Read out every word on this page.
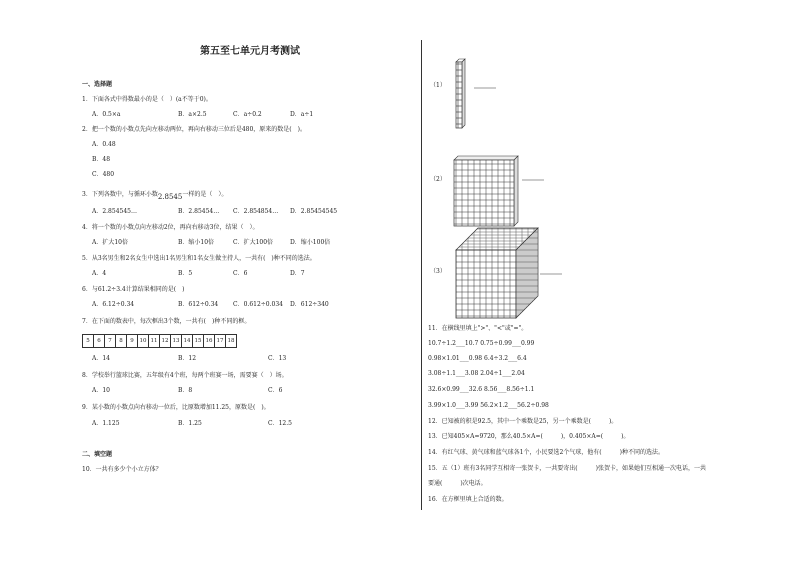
第五至七单元月考测试
一、选择题
1．下面各式中得数最小的是（　）(a不等于0)。
A．0.5×a	B．a×2.5	C．a÷0.2	D．a÷1
2．把一个数的小数点先向左移动两位，再向右移动三位后是480，原来的数是(　)。
A．0.48
B．48
C．480
3．下列各数中，与循环小数2.8545一样的是（　）。
A．2.854545…	B．2.85454… C．2.854854… D．2.85454545
4．将一个数的小数点向左移动2位，再向右移动3位，结果（　）。
A．扩大10倍	B．缩小10倍	C．扩大100倍	D．缩小100倍
5．从3名男生和2名女生中选出1名男生和1名女生做主持人，一共有(　)种不同的选法。
A．4	B．5	C．6	D．7
6．与61.2÷3.4计算结果相同的是(　)
A．6.12÷0.34	B．612÷0.34 C．0.612÷0.034 D．612÷340
7．在下面的数表中，每次框出3个数，一共有(　)种不同的框。
5	6	7	8	9	10	11	12	13	14	15	16	17	18
A．14	B．12	C．13
8．学校举行篮球比赛，五年级有4个班，每两个班赛一场，需要赛（　）场。
A．10	B．8	C．6
9．某小数的小数点向右移动一位后，比原数增加11.25，原数是(　)。
A．1.125	B．1.25	C．12.5
二、填空题
10．一共有多少个小立方体？
（1）
（2）
（3）
11．在横线里填上">"、"<"或"="。
10.7÷1.2___10.7 0.75÷0.99___0.99
0.98×1.01___0.98 6.4÷3.2___6.4
3.08÷1.1___3.08 2.04÷1___2.04
32.6×0.99___32.6 8.56___8.56÷1.1
3.99×1.0___3.99 56.2×1.2___56.2÷0.98
12．已知被的积是92.5，其中一个乘数是25，另一个乘数是(　　　)。
13．已知405×A=9720，那么40.5×A=(　　　)，0.405×A=(　　　)。
14．有红气球、黄气球和蓝气球各1个，小民要选2个气球，他有(　　　)种不同的选法。
15．五（1）班有3名同学互相寄一张贺卡，一共要寄出(　　　)张贺卡，如果她们互相通一次电话，一共
要通(　　　)次电话。
16．在方框里填上合适的数。
